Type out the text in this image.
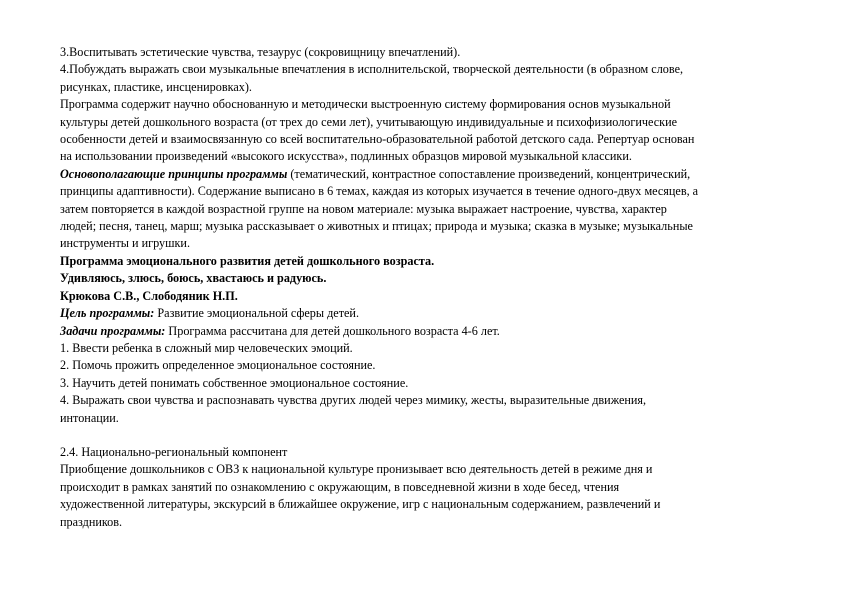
3.Воспитывать эстетические чувства, тезаурус (сокровищницу впечатлений).
4.Побуждать выражать свои музыкальные впечатления в исполнительской, творческой деятельности (в образном слове,
рисунках, пластике, инсценировках).
Программа содержит научно обоснованную и методически выстроенную систему формирования основ музыкальной
культуры детей дошкольного возраста (от трех до семи лет), учитывающую индивидуальные и психофизиологические
особенности детей и взаимосвязанную со всей воспитательно-образовательной работой детского сада. Репертуар основан
на использовании произведений «высокого искусства», подлинных образцов мировой музыкальной классики.
Основополагающие принципы программы (тематический, контрастное сопоставление произведений, концентрический,
принципы адаптивности). Содержание выписано в 6 темах, каждая из которых изучается в течение одного-двух месяцев, а
затем повторяется в каждой возрастной группе на новом материале: музыка выражает настроение, чувства, характер
людей; песня, танец, марш; музыка рассказывает о животных и птицах; природа и музыка; сказка в музыке; музыкальные
инструменты и игрушки.
Программа эмоционального развития детей дошкольного возраста.
Удивляюсь, злюсь, боюсь, хвастаюсь и радуюсь.
Крюкова С.В., Слободяник Н.П.
Цель программы: Развитие эмоциональной сферы детей.
Задачи программы: Программа рассчитана для детей дошкольного возраста 4-6 лет.
1. Ввести ребенка в сложный мир человеческих эмоций.
2. Помочь прожить определенное эмоциональное состояние.
3. Научить детей понимать собственное эмоциональное состояние.
4. Выражать свои чувства и распознавать чувства других людей через мимику, жесты, выразительные движения,
интонации.
2.4. Национально-региональный компонент
Приобщение дошкольников с ОВЗ к национальной культуре пронизывает всю деятельность детей в режиме дня и
происходит в рамках занятий по ознакомлению с окружающим, в повседневной жизни в ходе бесед, чтения
художественной литературы, экскурсий в ближайшее окружение, игр с национальным содержанием, развлечений и
праздников.
